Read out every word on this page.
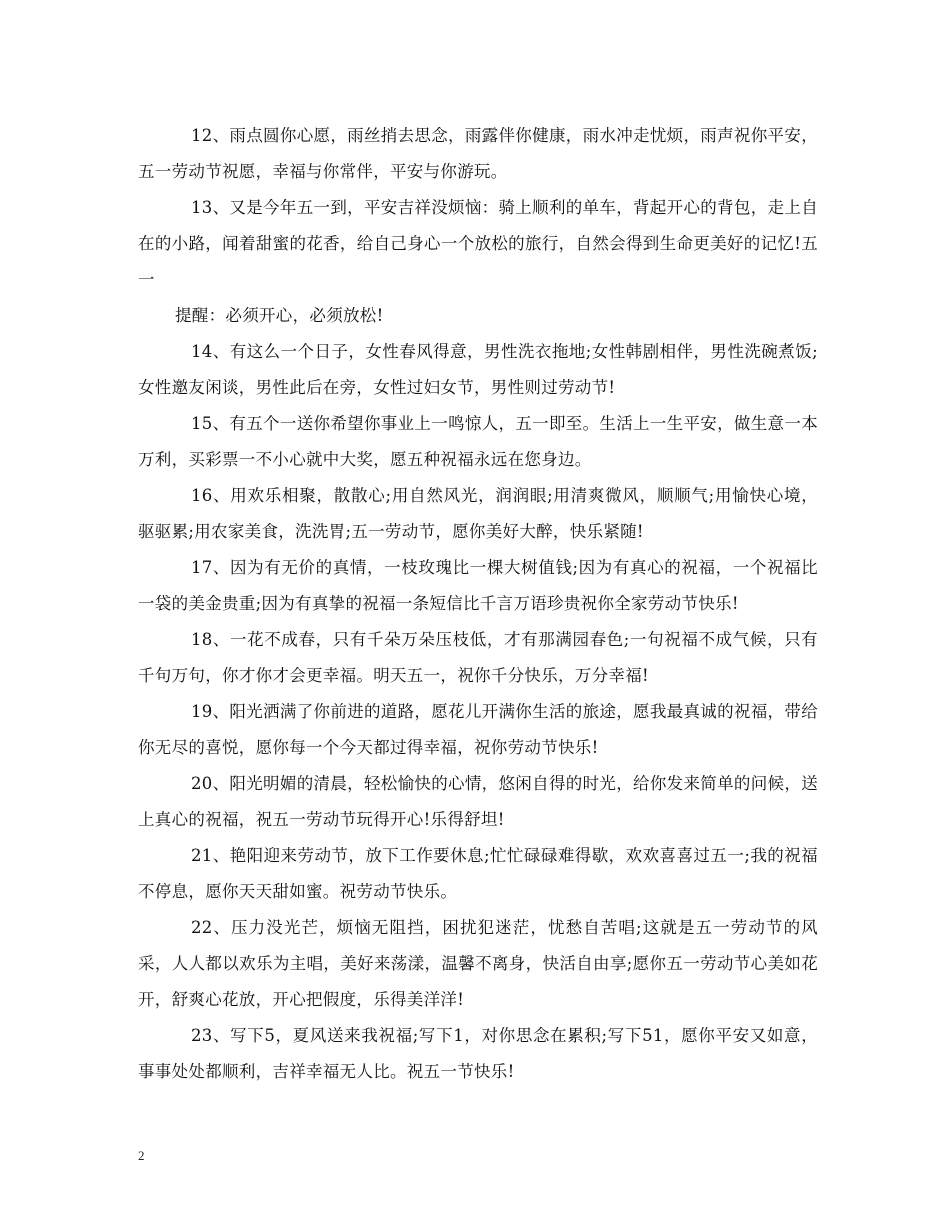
12、雨点圆你心愿，雨丝捎去思念，雨露伴你健康，雨水冲走忧烦，雨声祝你平安，五一劳动节祝愿，幸福与你常伴，平安与你游玩。

13、又是今年五一到，平安吉祥没烦恼：骑上顺利的单车，背起开心的背包，走上自在的小路，闻着甜蜜的花香，给自己身心一个放松的旅行，自然会得到生命更美好的记忆!五一

提醒：必须开心，必须放松!

14、有这么一个日子，女性春风得意，男性洗衣拖地;女性韩剧相伴，男性洗碗煮饭;女性邀友闲谈，男性此后在旁，女性过妇女节，男性则过劳动节!

15、有五个一送你希望你事业上一鸣惊人，五一即至。生活上一生平安，做生意一本万利，买彩票一不小心就中大奖，愿五种祝福永远在您身边。

16、用欢乐相聚，散散心;用自然风光，润润眼;用清爽微风，顺顺气;用愉快心境，驱驱累;用农家美食，洗洗胃;五一劳动节，愿你美好大醉，快乐紧随!

17、因为有无价的真情，一枝玫瑰比一棵大树值钱;因为有真心的祝福，一个祝福比一袋的美金贵重;因为有真挚的祝福一条短信比千言万语珍贵祝你全家劳动节快乐!

18、一花不成春，只有千朵万朵压枝低，才有那满园春色;一句祝福不成气候，只有千句万句，你才你才会更幸福。明天五一，祝你千分快乐，万分幸福!

19、阳光洒满了你前进的道路，愿花儿开满你生活的旅途，愿我最真诚的祝福，带给你无尽的喜悦，愿你每一个今天都过得幸福，祝你劳动节快乐!

20、阳光明媚的清晨，轻松愉快的心情，悠闲自得的时光，给你发来简单的问候，送上真心的祝福，祝五一劳动节玩得开心!乐得舒坦!

21、艳阳迎来劳动节，放下工作要休息;忙忙碌碌难得歇，欢欢喜喜过五一;我的祝福不停息，愿你天天甜如蜜。祝劳动节快乐。

22、压力没光芒，烦恼无阻挡，困扰犯迷茫，忧愁自苦唱;这就是五一劳动节的风采，人人都以欢乐为主唱，美好来荡漾，温馨不离身，快活自由享;愿你五一劳动节心美如花开，舒爽心花放，开心把假度，乐得美洋洋!

23、写下5，夏风送来我祝福;写下1，对你思念在累积;写下51，愿你平安又如意，事事处处都顺利，吉祥幸福无人比。祝五一节快乐!

2
